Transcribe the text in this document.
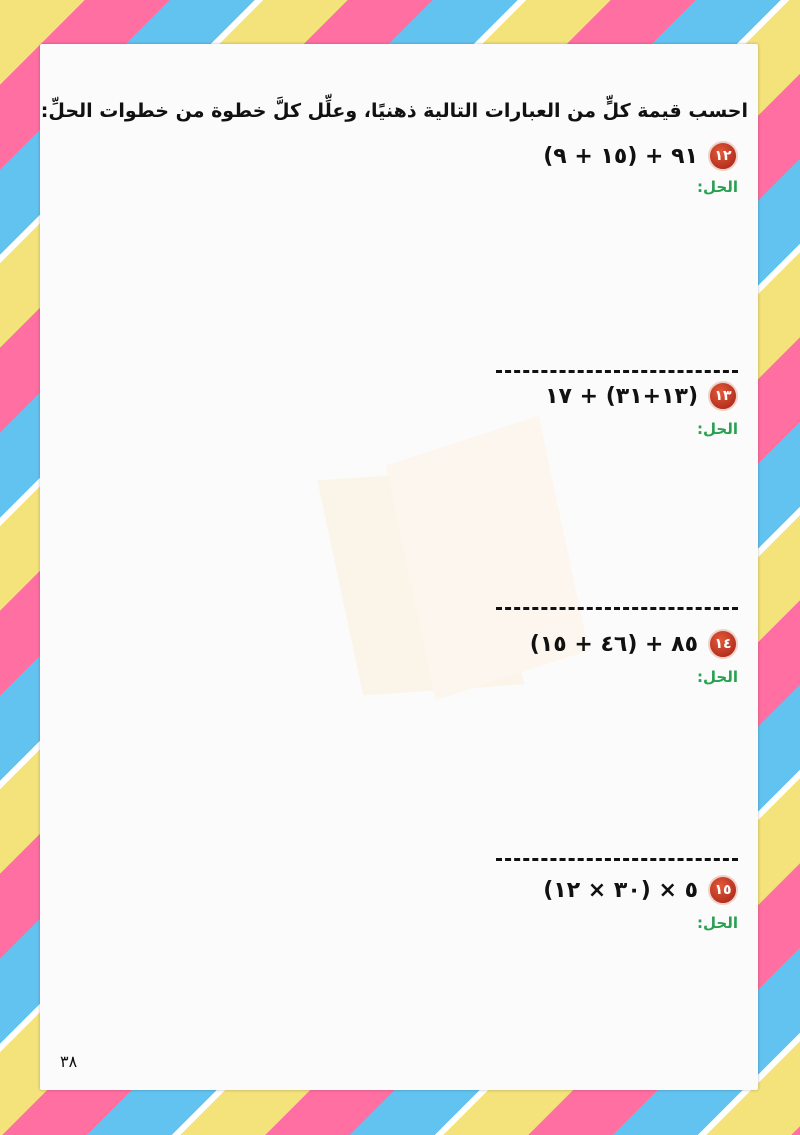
احسب قيمة كلٍّ من العبارات التالية ذهنيًا، وعلِّل كلَّ خطوة من خطوات الحلِّ:
١٢
٩١ + (١٥ + ٩)
الحل:
١٣
(١٣+٣١) + ١٧
الحل:
١٤
٨٥ + (٤٦ + ١٥)
الحل:
١٥
٥ × (٣٠ × ١٢)
الحل:
٣٨
